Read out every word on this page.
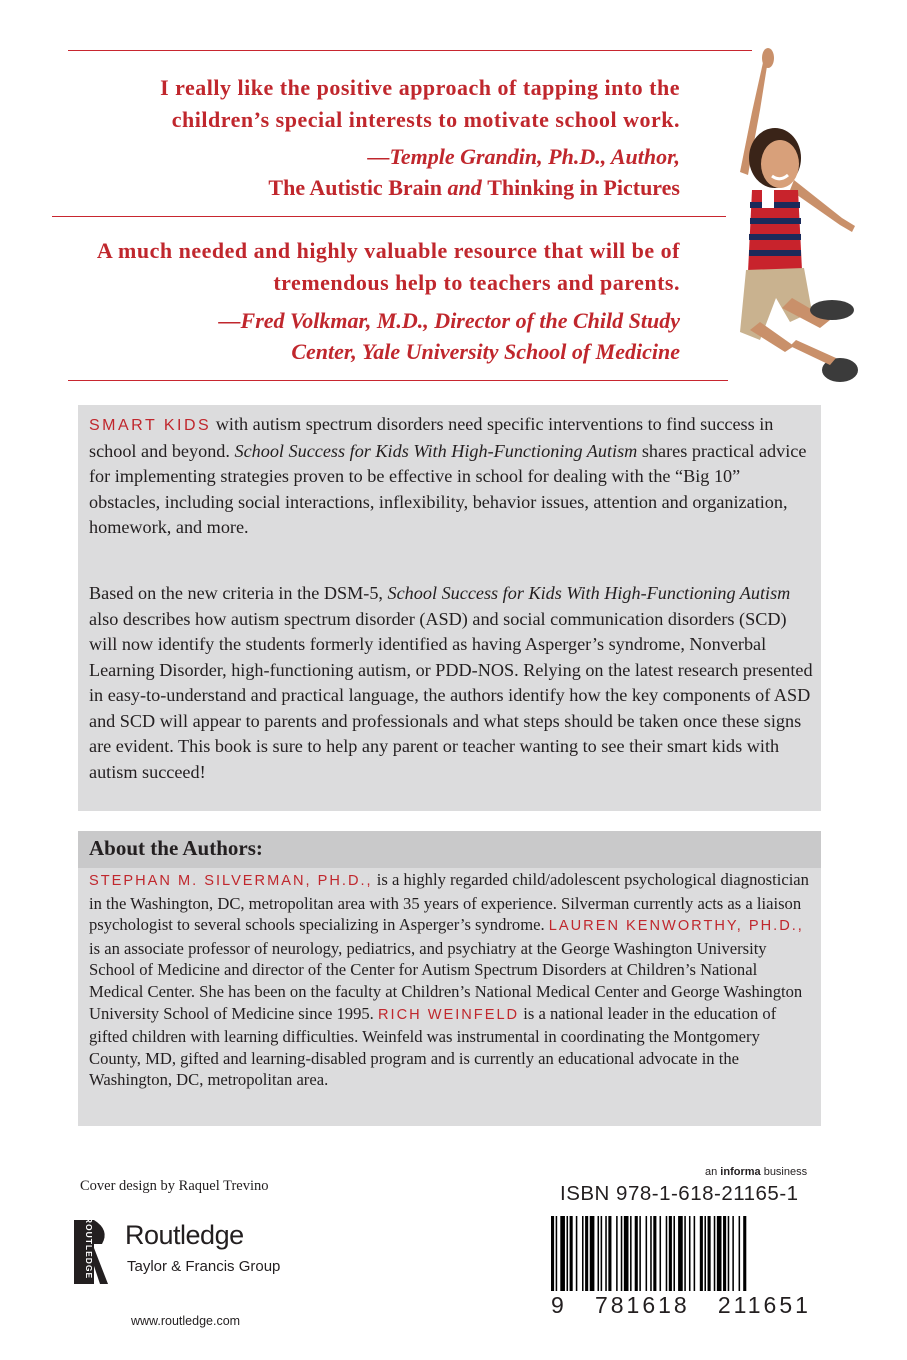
I really like the positive approach of tapping into the children’s special interests to motivate school work.
—Temple Grandin, Ph.D., Author,
The Autistic Brain and Thinking in Pictures
A much needed and highly valuable resource that will be of tremendous help to teachers and parents.
—Fred Volkmar, M.D., Director of the Child Study
Center, Yale University School of Medicine
SMART KIDS with autism spectrum disorders need specific interventions to find success in school and beyond. School Success for Kids With High-Functioning Autism shares practical advice for implementing strategies proven to be effective in school for dealing with the “Big 10” obstacles, including social interactions, inflexibility, behavior issues, attention and organization, homework, and more.
Based on the new criteria in the DSM-5, School Success for Kids With High-Functioning Autism also describes how autism spectrum disorder (ASD) and social communication disorders (SCD) will now identify the students formerly identified as having Asperger’s syndrome, Nonverbal Learning Disorder, high-functioning autism, or PDD-NOS. Relying on the latest research presented in easy-to-understand and practical language, the authors identify how the key components of ASD and SCD will appear to parents and professionals and what steps should be taken once these signs are evident. This book is sure to help any parent or teacher wanting to see their smart kids with autism succeed!
About the Authors:
STEPHAN M. SILVERMAN, PH.D., is a highly regarded child/adolescent psychological diagnostician in the Washington, DC, metropolitan area with 35 years of experience. Silverman currently acts as a liaison psychologist to several schools specializing in Asperger’s syndrome. LAUREN KENWORTHY, PH.D., is an associate professor of neurology, pediatrics, and psychiatry at the George Washington University School of Medicine and director of the Center for Autism Spectrum Disorders at Children’s National Medical Center. She has been on the faculty at Children’s National Medical Center and George Washington University School of Medicine since 1995. RICH WEINFELD is a national leader in the education of gifted children with learning difficulties. Weinfeld was instrumental in coordinating the Montgomery County, MD, gifted and learning-disabled program and is currently an educational advocate in the Washington, DC, metropolitan area.
Cover design by Raquel Trevino
ROUTLEDGE Routledge
Taylor & Francis Group
www.routledge.com
an informa business
ISBN 978-1-618-21165-1
9   781618   211651
